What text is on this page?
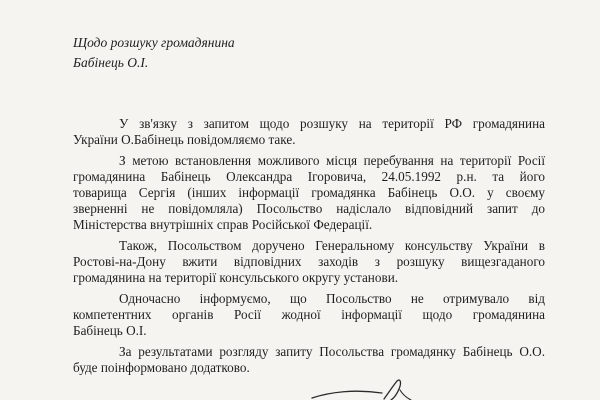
Щодо розшуку громадянина
Бабінець О.І.
У зв'язку з запитом щодо розшуку на території РФ громадянина
України О.Бабінець повідомляємо таке.
З метою встановлення можливого місця перебування на території Росії
громадянина Бабінець Олександра Ігоровича, 24.05.1992 р.н. та його
товарища Сергія (інших інформації громадянка Бабінець О.О. у своєму
зверненні не повідомляла) Посольство надіслало відповідний запит до
Міністерства внутрішніх справ Російської Федерації.
Також, Посольством доручено Генеральному консульству України в
Ростові-на-Дону вжити відповідних заходів з розшуку вищезгаданого
громадянина на території консульського округу установи.
Одночасно інформуємо, що Посольство не отримувало від
компетентних органів Росії жодної інформації щодо громадянина
Бабінець О.І.
За результатами розгляду запиту Посольства громадянку Бабінець О.О.
буде поінформовано додатково.
